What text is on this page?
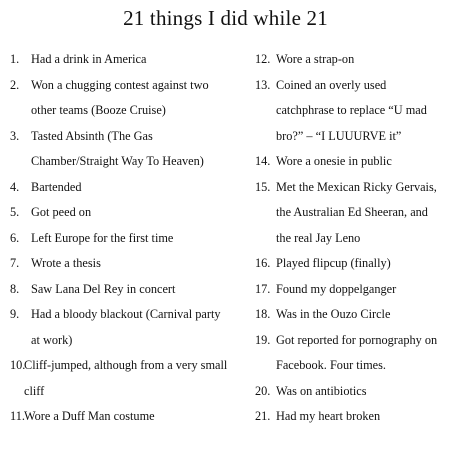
21 things I did while 21
1. Had a drink in America
2. Won a chugging contest against two other teams (Booze Cruise)
3. Tasted Absinth (The Gas Chamber/Straight Way To Heaven)
4. Bartended
5. Got peed on
6. Left Europe for the first time
7. Wrote a thesis
8. Saw Lana Del Rey in concert
9. Had a bloody blackout (Carnival party at work)
10.
Cliff-jumped, although from a very small cliff
11. Wore a Duff Man costume
12. Wore a strap-on
13. Coined an overly used catchphrase to replace “U mad bro?” – “I LUUURVE it”
14. Wore a onesie in public
15. Met the Mexican Ricky Gervais, the Australian Ed Sheeran, and the real Jay Leno
16. Played flipcup (finally)
17. Found my doppelganger
18. Was in the Ouzo Circle
19. Got reported for pornography on Facebook. Four times.
20. Was on antibiotics
21. Had my heart broken
